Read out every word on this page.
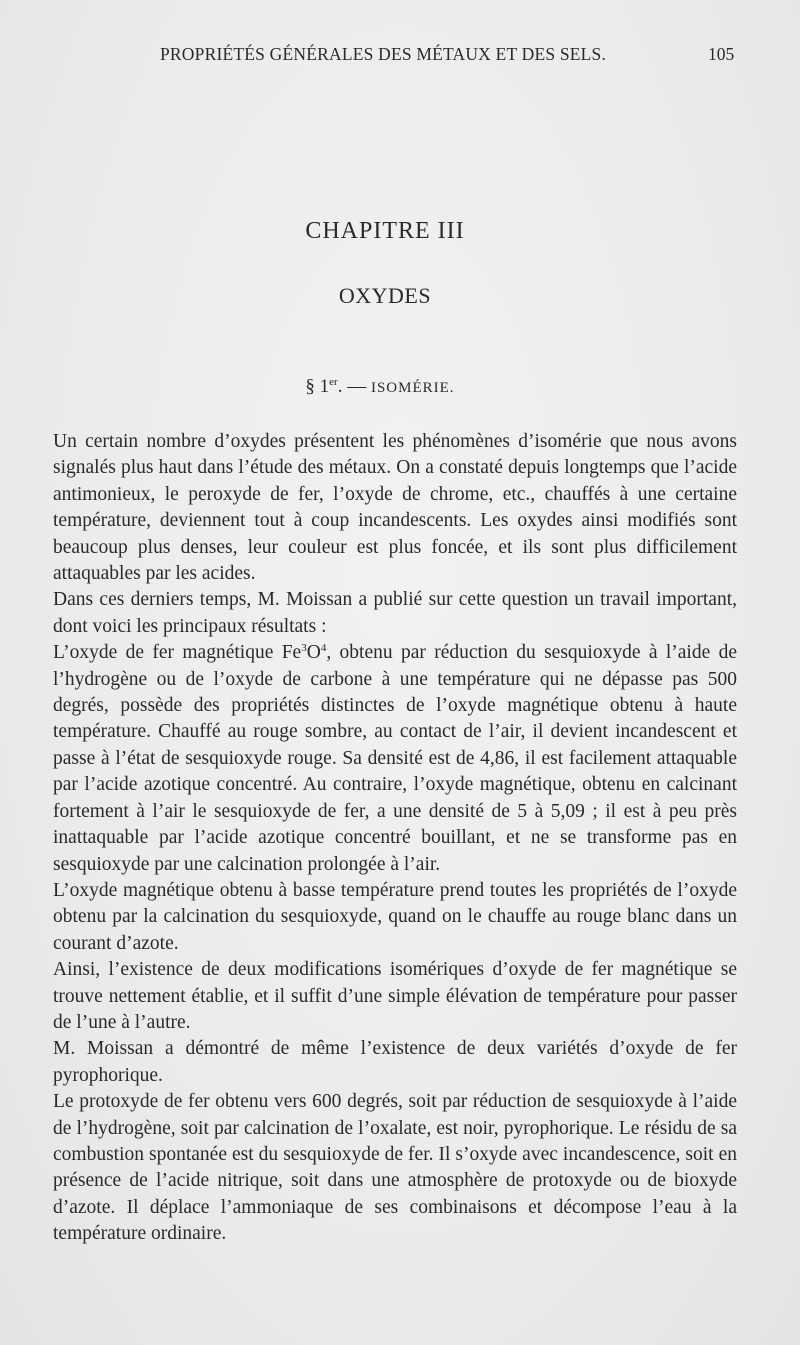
PROPRIÉTÉS GÉNÉRALES DES MÉTAUX ET DES SELS.	105
CHAPITRE III
OXYDES
§ 1er. — ISOMÉRIE.

Un certain nombre d’oxydes présentent les phénomènes d’isomérie que nous avons signalés plus haut dans l’étude des métaux. On a constaté depuis longtemps que l’acide antimonieux, le peroxyde de fer, l’oxyde de chrome, etc., chauffés à une certaine température, deviennent tout à coup incandescents. Les oxydes ainsi modifiés sont beaucoup plus denses, leur couleur est plus foncée, et ils sont plus difficilement attaquables par les acides.

Dans ces derniers temps, M. Moissan a publié sur cette question un travail important, dont voici les principaux résultats :

L’oxyde de fer magnétique $Fe^3O^4$, obtenu par réduction du sesquioxyde à l’aide de l’hydrogène ou de l’oxyde de carbone à une température qui ne dépasse pas 500 degrés, possède des propriétés distinctes de l’oxyde magnétique obtenu à haute température. Chauffé au rouge sombre, au contact de l’air, il devient incandescent et passe à l’état de sesquioxyde rouge. Sa densité est de 4,86, il est facilement attaquable par l’acide azotique concentré. Au contraire, l’oxyde magnétique, obtenu en calcinant fortement à l’air le sesquioxyde de fer, a une densité de 5 à 5,09 ; il est à peu près inattaquable par l’acide azotique concentré bouillant, et ne se transforme pas en sesquioxyde par une calcination prolongée à l’air.

L’oxyde magnétique obtenu à basse température prend toutes les propriétés de l’oxyde obtenu par la calcination du sesquioxyde, quand on le chauffe au rouge blanc dans un courant d’azote.

Ainsi, l’existence de deux modifications isomériques d’oxyde de fer magnétique se trouve nettement établie, et il suffit d’une simple élévation de température pour passer de l’une à l’autre.

M. Moissan a démontré de même l’existence de deux variétés d’oxyde de fer pyrophorique.

Le protoxyde de fer obtenu vers 600 degrés, soit par réduction de sesquioxyde à l’aide de l’hydrogène, soit par calcination de l’oxalate, est noir, pyrophorique. Le résidu de sa combustion spontanée est du sesquioxyde de fer. Il s’oxyde avec incandescence, soit en présence de l’acide nitrique, soit dans une atmosphère de protoxyde ou de bioxyde d’azote. Il déplace l’ammoniaque de ses combinaisons et décompose l’eau à la température ordinaire.
